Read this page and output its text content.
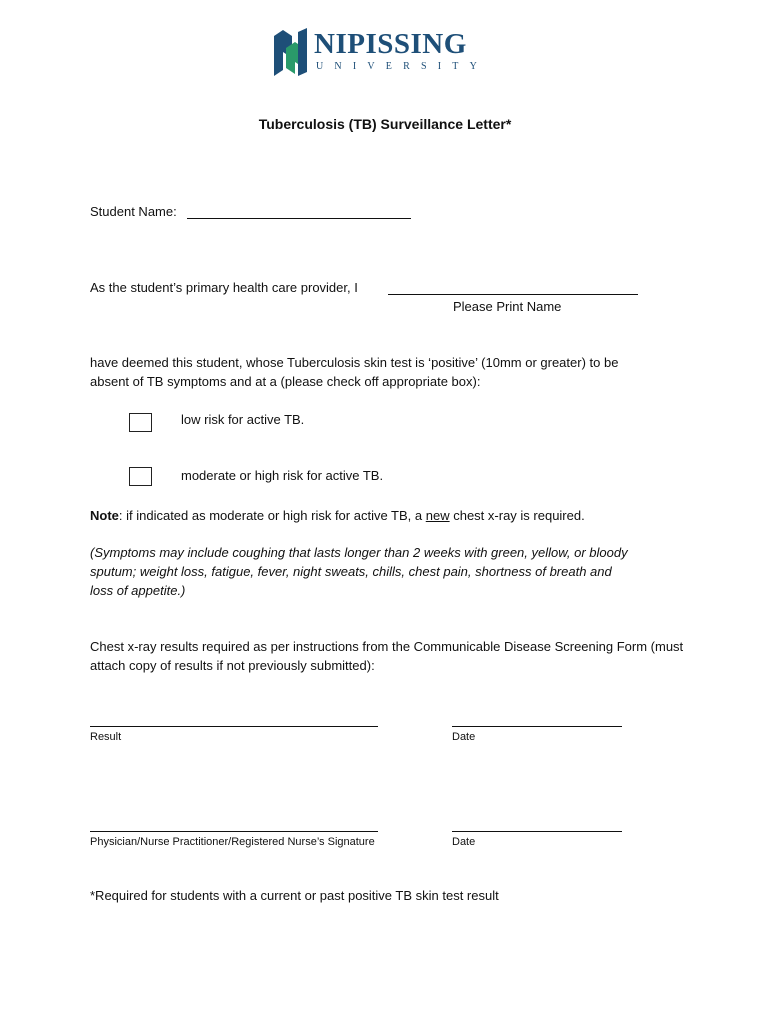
NIPISSING
UNIVERSITY
Tuberculosis (TB) Surveillance Letter*
Student Name:
As the student’s primary health care provider, I
Please Print Name
have deemed this student, whose Tuberculosis skin test is ‘positive’ (10mm or greater) to be absent of TB symptoms and at a (please check off appropriate box):
low risk for active TB.
moderate or high risk for active TB.
Note: if indicated as moderate or high risk for active TB, a new chest x-ray is required.
(Symptoms may include coughing that lasts longer than 2 weeks with green, yellow, or bloody sputum; weight loss, fatigue, fever, night sweats, chills, chest pain, shortness of breath and loss of appetite.)
Chest x-ray results required as per instructions from the Communicable Disease Screening Form (must attach copy of results if not previously submitted):
Result	Date
Physician/Nurse Practitioner/Registered Nurse’s Signature	Date
*Required for students with a current or past positive TB skin test result
